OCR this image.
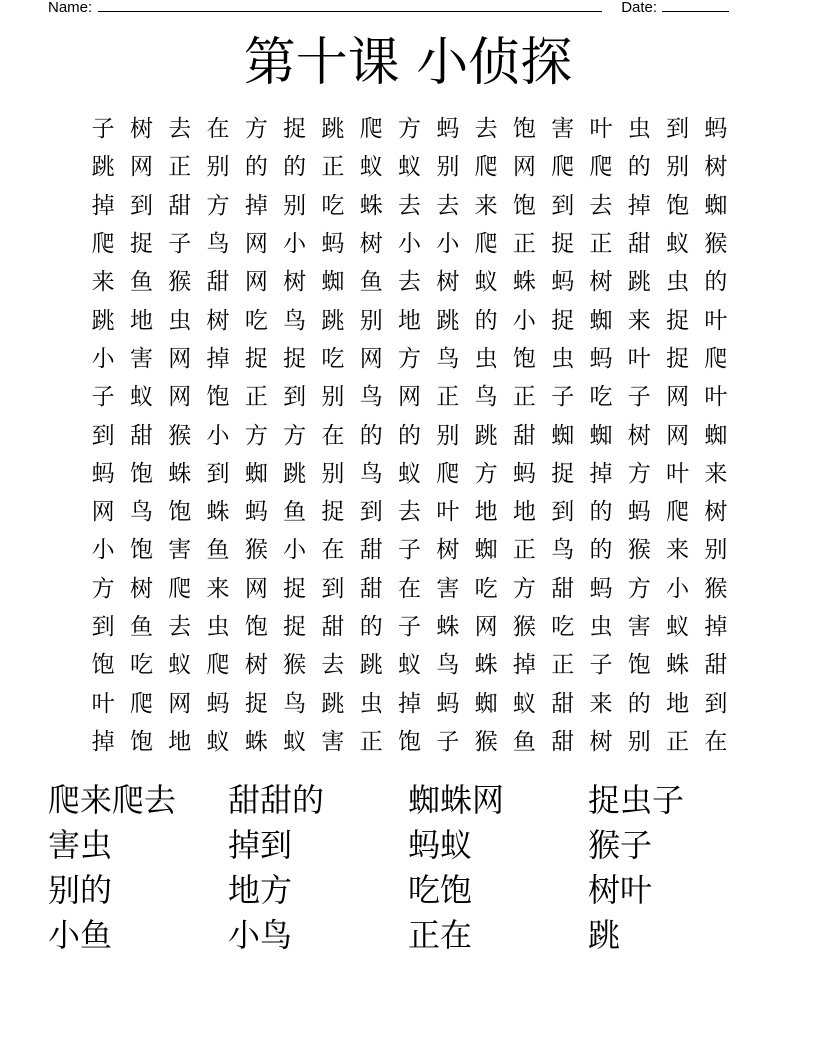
Name:	Date:
第十课 小侦探
子 树 去 在 方 捉 跳 爬 方 蚂 去 饱 害 叶 虫 到 蚂
跳 网 正 别 的 的 正 蚁 蚁 别 爬 网 爬 爬 的 别 树
掉 到 甜 方 掉 别 吃 蛛 去 去 来 饱 到 去 掉 饱 蜘
爬 捉 子 鸟 网 小 蚂 树 小 小 爬 正 捉 正 甜 蚁 猴
来 鱼 猴 甜 网 树 蜘 鱼 去 树 蚁 蛛 蚂 树 跳 虫 的
跳 地 虫 树 吃 鸟 跳 别 地 跳 的 小 捉 蜘 来 捉 叶
小 害 网 掉 捉 捉 吃 网 方 鸟 虫 饱 虫 蚂 叶 捉 爬
子 蚁 网 饱 正 到 别 鸟 网 正 鸟 正 子 吃 子 网 叶
到 甜 猴 小 方 方 在 的 的 别 跳 甜 蜘 蜘 树 网 蜘
蚂 饱 蛛 到 蜘 跳 别 鸟 蚁 爬 方 蚂 捉 掉 方 叶 来
网 鸟 饱 蛛 蚂 鱼 捉 到 去 叶 地 地 到 的 蚂 爬 树
小 饱 害 鱼 猴 小 在 甜 子 树 蜘 正 鸟 的 猴 来 别
方 树 爬 来 网 捉 到 甜 在 害 吃 方 甜 蚂 方 小 猴
到 鱼 去 虫 饱 捉 甜 的 子 蛛 网 猴 吃 虫 害 蚁 掉
饱 吃 蚁 爬 树 猴 去 跳 蚁 鸟 蛛 掉 正 子 饱 蛛 甜
叶 爬 网 蚂 捉 鸟 跳 虫 掉 蚂 蜘 蚁 甜 来 的 地 到
掉 饱 地 蚁 蛛 蚁 害 正 饱 子 猴 鱼 甜 树 别 正 在
爬来爬去	甜甜的	蜘蛛网	捉虫子
害虫	掉到	蚂蚁	猴子
别的	地方	吃饱	树叶
小鱼	小鸟	正在	跳
